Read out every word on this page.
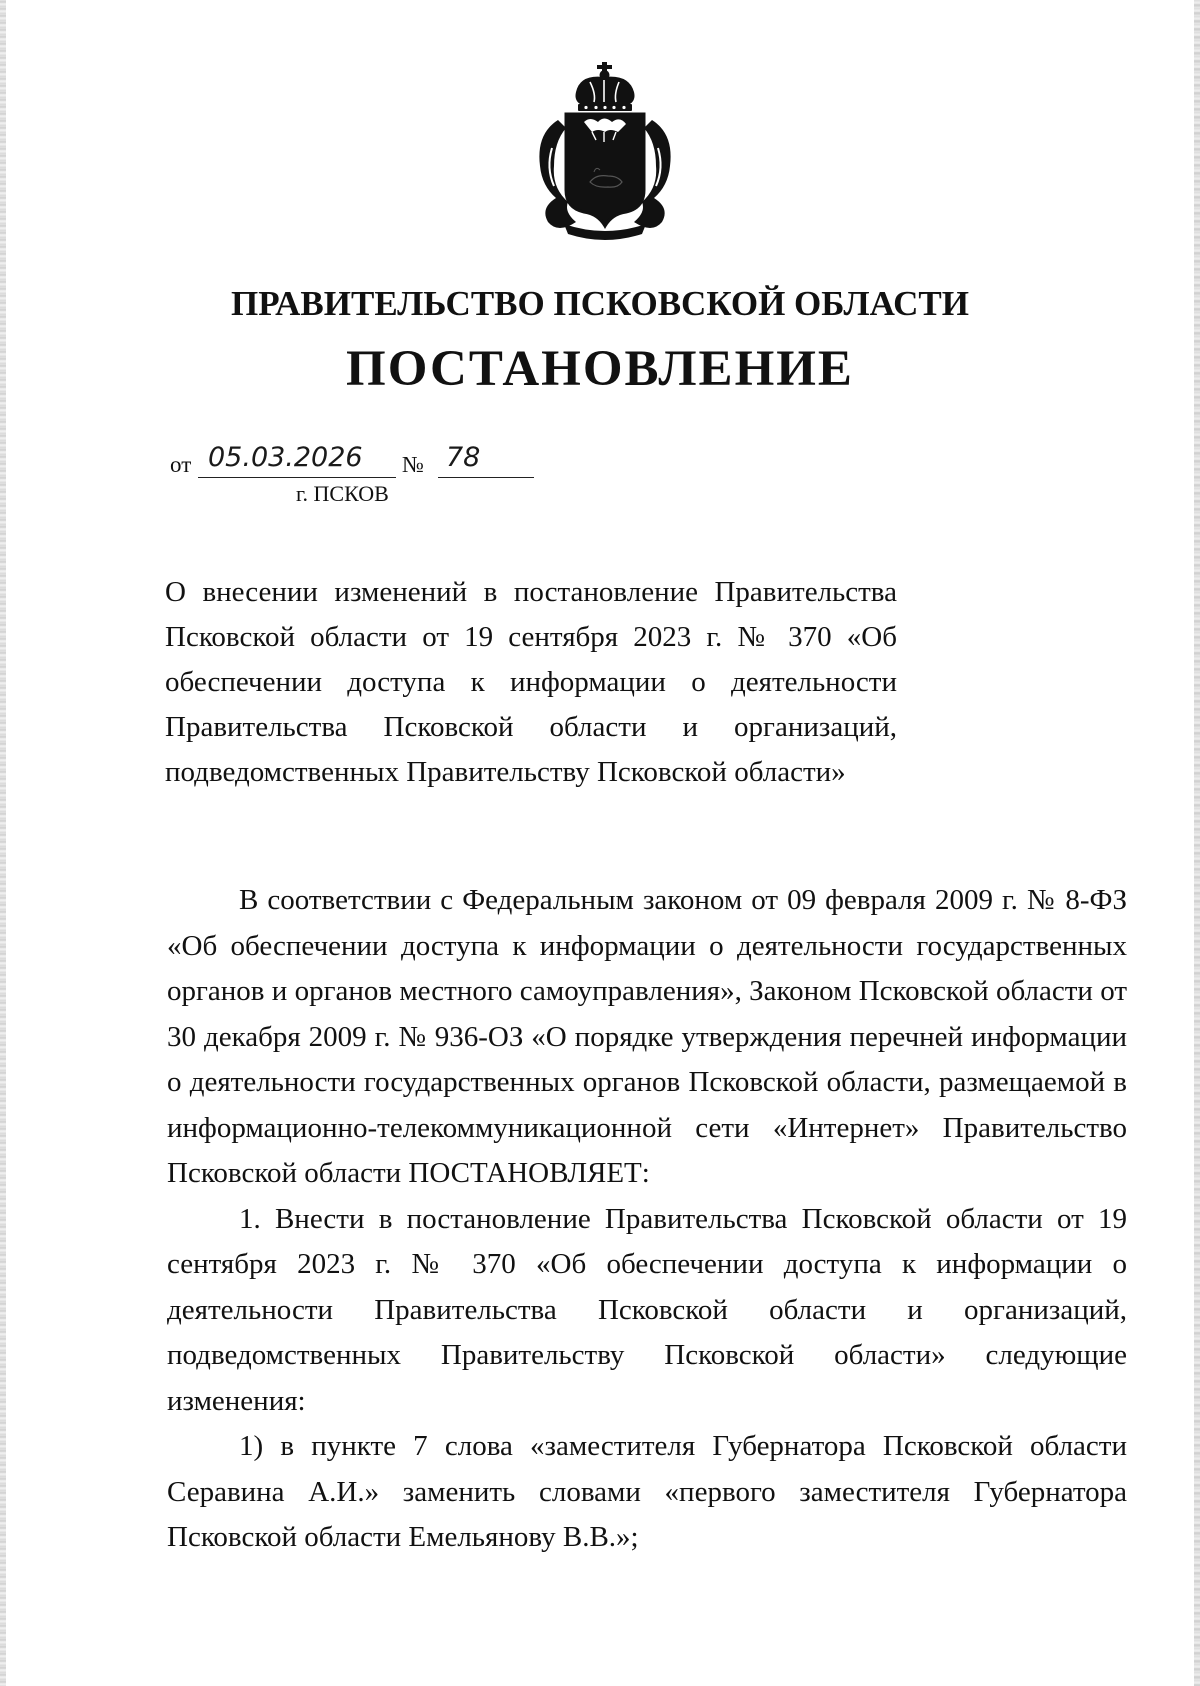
ПРАВИТЕЛЬСТВО ПСКОВСКОЙ ОБЛАСТИ
ПОСТАНОВЛЕНИЕ
от 05.03.2026 № 78
г. ПСКОВ

О внесении изменений в постановление Правительства Псковской области от 19 сентября 2023 г. № 370 «Об обеспечении доступа к информации о деятельности Правительства Псковской области и организаций, подведомственных Правительству Псковской области»

В соответствии с Федеральным законом от 09 февраля 2009 г. № 8-ФЗ «Об обеспечении доступа к информации о деятельности государственных органов и органов местного самоуправления», Законом Псковской области от 30 декабря 2009 г. № 936-ОЗ «О порядке утверждения перечней информации о деятельности государственных органов Псковской области, размещаемой в информационно-телекоммуникационной сети «Интернет» Правительство Псковской области ПОСТАНОВЛЯЕТ:

1. Внести в постановление Правительства Псковской области от 19 сентября 2023 г. № 370 «Об обеспечении доступа к информации о деятельности Правительства Псковской области и организаций, подведомственных Правительству Псковской области» следующие изменения:

1) в пункте 7 слова «заместителя Губернатора Псковской области Серавина А.И.» заменить словами «первого заместителя Губернатора Псковской области Емельянову В.В.»;
